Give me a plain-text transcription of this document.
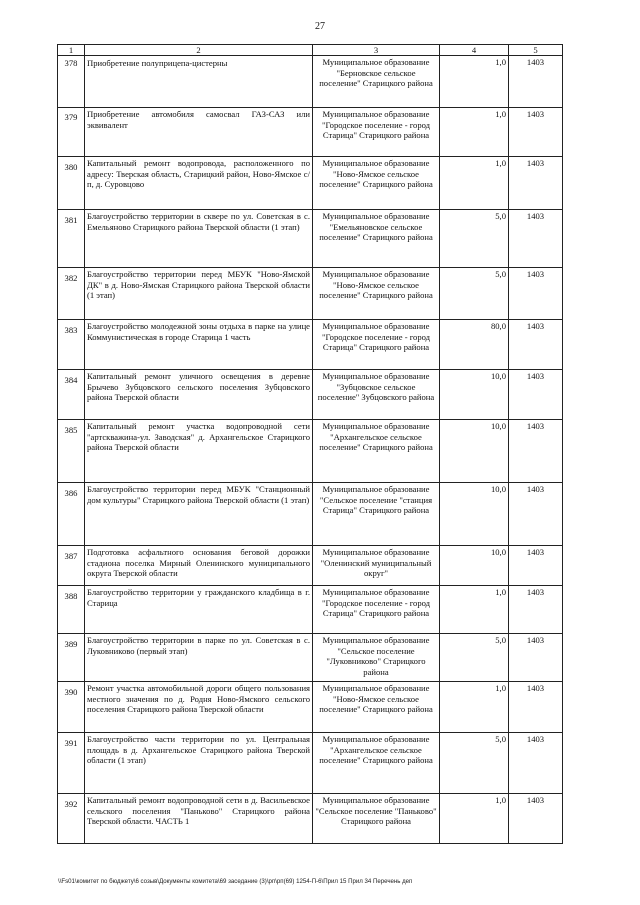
27
1	2	3	4	5
378	Приобретение полуприцепа-цистерны	Муниципальное образование "Берновское сельское поселение" Старицкого района	1,0	1403
379	Приобретение автомобиля самосвал ГАЗ-САЗ или эквивалент	Муниципальное образование "Городское поселение - город Старица" Старицкого района	1,0	1403
380	Капитальный ремонт водопровода, расположенного по адресу: Тверская область, Старицкий район, Ново-Ямское с/п, д. Суровцово	Муниципальное образование "Ново-Ямское сельское поселение" Старицкого района	1,0	1403
381	Благоустройство территории в сквере по ул. Советская в с. Емельяново Старицкого района Тверской области (1 этап)	Муниципальное образование "Емельяновское сельское поселение" Старицкого района	5,0	1403
382	Благоустройство территории перед МБУК "Ново-Ямской ДК" в д. Ново-Ямская Старицкого района Тверской области (1 этап)	Муниципальное образование "Ново-Ямское сельское поселение" Старицкого района	5,0	1403
383	Благоустройство молодежной зоны отдыха в парке на улице Коммунистическая в городе Старица 1 часть	Муниципальное образование "Городское поселение - город Старица" Старицкого района	80,0	1403
384	Капитальный ремонт уличного освещения в деревне Брычево Зубцовского сельского поселения Зубцовского района Тверской области	Муниципальное образование "Зубцовское сельское поселение" Зубцовского района	10,0	1403
385	Капитальный ремонт участка водопроводной сети "артскважина-ул. Заводская" д. Архангельское Старицкого района Тверской области	Муниципальное образование "Архангельское сельское поселение" Старицкого района	10,0	1403
386	Благоустройство территории перед МБУК "Станционный дом культуры" Старицкого района Тверской области (1 этап)	Муниципальное образование "Сельское поселение "станция Старица" Старицкого района	10,0	1403
387	Подготовка асфальтного основания беговой дорожки стадиона поселка Мирный Оленинского муниципального округа Тверской области	Муниципальное образование "Оленинский муниципальный округ"	10,0	1403
388	Благоустройство территории у гражданского кладбища в г. Старица	Муниципальное образование "Городское поселение - город Старица" Старицкого района	1,0	1403
389	Благоустройство территории в парке по ул. Советская в с. Луковниково (первый этап)	Муниципальное образование "Сельское поселение "Луковниково" Старицкого района	5,0	1403
390	Ремонт участка автомобильной дороги общего пользования местного значения по д. Родня Ново-Ямского сельского поселения Старицкого района Тверской области	Муниципальное образование "Ново-Ямское сельское поселение" Старицкого района	1,0	1403
391	Благоустройство части территории по ул. Центральная площадь в д. Архангельское Старицкого района Тверской области (1 этап)	Муниципальное образование "Архангельское сельское поселение" Старицкого района	5,0	1403
392	Капитальный ремонт водопроводной сети в д. Васильевское сельского поселения "Паньково" Старицкого района Тверской области. ЧАСТЬ 1	Муниципальное образование "Сельское поселение "Паньково" Старицкого района	1,0	1403
\\Fs01\комитет по бюджету\6 созыв\Документы комитета\69 заседание (3)\рп\рп(69) 1254-П-6\Прил 15 Прил 34 Перечень деп
